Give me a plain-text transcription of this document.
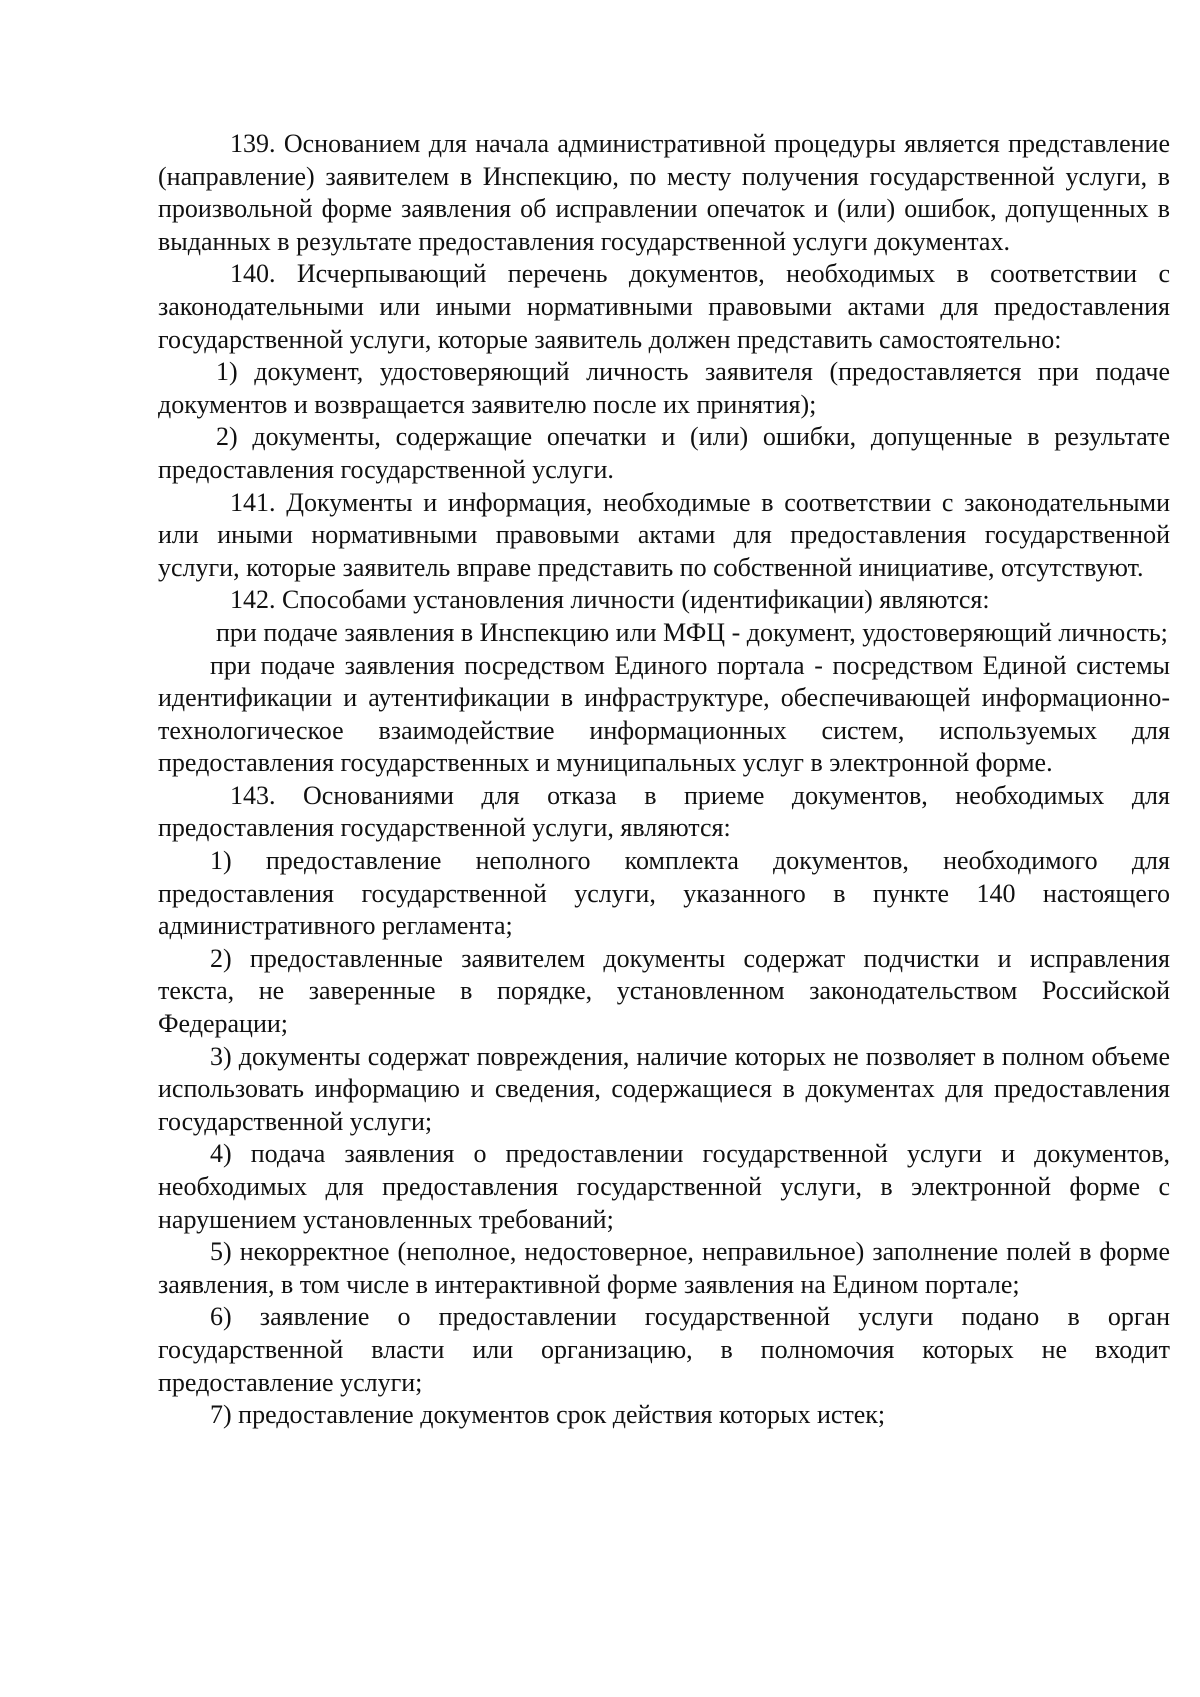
139. Основанием для начала административной процедуры является представление (направление) заявителем в Инспекцию, по месту получения государственной услуги, в произвольной форме заявления об исправлении опечаток и (или) ошибок, допущенных в выданных в результате предоставления государственной услуги документах.

140. Исчерпывающий перечень документов, необходимых в соответствии с законодательными или иными нормативными правовыми актами для предоставления государственной услуги, которые заявитель должен представить самостоятельно:

1) документ, удостоверяющий личность заявителя (предоставляется при подаче документов и возвращается заявителю после их принятия);

2) документы, содержащие опечатки и (или) ошибки, допущенные в результате предоставления государственной услуги.

141. Документы и информация, необходимые в соответствии с законодательными или иными нормативными правовыми актами для предоставления государственной услуги, которые заявитель вправе представить по собственной инициативе, отсутствуют.

142. Способами установления личности (идентификации) являются:

при подаче заявления в Инспекцию или МФЦ - документ, удостоверяющий личность;

при подаче заявления посредством Единого портала - посредством Единой системы идентификации и аутентификации в инфраструктуре, обеспечивающей информационно-технологическое взаимодействие информационных систем, используемых для предоставления государственных и муниципальных услуг в электронной форме.

143. Основаниями для отказа в приеме документов, необходимых для предоставления государственной услуги, являются:

1) предоставление неполного комплекта документов, необходимого для предоставления государственной услуги, указанного в пункте 140 настоящего административного регламента;

2) предоставленные заявителем документы содержат подчистки и исправления текста, не заверенные в порядке, установленном законодательством Российской Федерации;

3) документы содержат повреждения, наличие которых не позволяет в полном объеме использовать информацию и сведения, содержащиеся в документах для предоставления государственной услуги;

4) подача заявления о предоставлении государственной услуги и документов, необходимых для предоставления государственной услуги, в электронной форме с нарушением установленных требований;

5) некорректное (неполное, недостоверное, неправильное) заполнение полей в форме заявления, в том числе в интерактивной форме заявления на Едином портале;

6) заявление о предоставлении государственной услуги подано в орган государственной власти или организацию, в полномочия которых не входит предоставление услуги;

7) предоставление документов срок действия которых истек;
